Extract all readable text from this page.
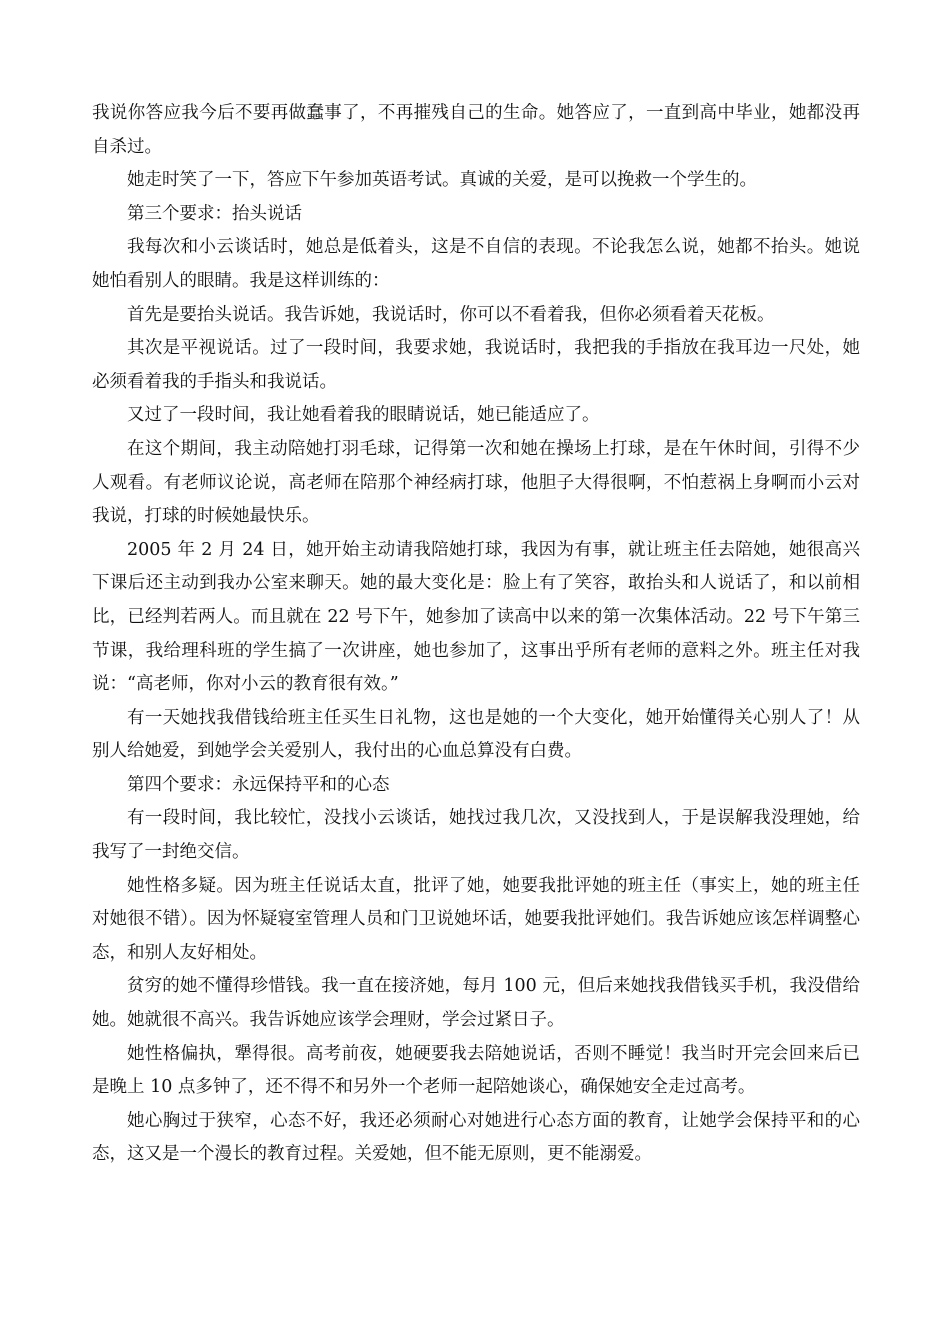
我说你答应我今后不要再做蠢事了，不再摧残自己的生命。她答应了，一直到高中毕业，她都没再自杀过。

她走时笑了一下，答应下午参加英语考试。真诚的关爱，是可以挽救一个学生的。

第三个要求：抬头说话

我每次和小云谈话时，她总是低着头，这是不自信的表现。不论我怎么说，她都不抬头。她说她怕看别人的眼睛。我是这样训练的：

首先是要抬头说话。我告诉她，我说话时，你可以不看着我，但你必须看着天花板。

其次是平视说话。过了一段时间，我要求她，我说话时，我把我的手指放在我耳边一尺处，她必须看着我的手指头和我说话。

又过了一段时间，我让她看着我的眼睛说话，她已能适应了。

在这个期间，我主动陪她打羽毛球，记得第一次和她在操场上打球，是在午休时间，引得不少人观看。有老师议论说，高老师在陪那个神经病打球，他胆子大得很啊，不怕惹祸上身啊而小云对我说，打球的时候她最快乐。

2005 年 2 月 24 日，她开始主动请我陪她打球，我因为有事，就让班主任去陪她，她很高兴下课后还主动到我办公室来聊天。她的最大变化是：脸上有了笑容，敢抬头和人说话了，和以前相比，已经判若两人。而且就在 22 号下午，她参加了读高中以来的第一次集体活动。22 号下午第三节课，我给理科班的学生搞了一次讲座，她也参加了，这事出乎所有老师的意料之外。班主任对我说：“高老师，你对小云的教育很有效。”

有一天她找我借钱给班主任买生日礼物，这也是她的一个大变化，她开始懂得关心别人了！从别人给她爱，到她学会关爱别人，我付出的心血总算没有白费。

第四个要求：永远保持平和的心态

有一段时间，我比较忙，没找小云谈话，她找过我几次，又没找到人，于是误解我没理她，给我写了一封绝交信。

她性格多疑。因为班主任说话太直，批评了她，她要我批评她的班主任（事实上，她的班主任对她很不错）。因为怀疑寝室管理人员和门卫说她坏话，她要我批评她们。我告诉她应该怎样调整心态，和别人友好相处。

贫穷的她不懂得珍惜钱。我一直在接济她，每月 100 元，但后来她找我借钱买手机，我没借给她。她就很不高兴。我告诉她应该学会理财，学会过紧日子。

她性格偏执，犟得很。高考前夜，她硬要我去陪她说话，否则不睡觉！我当时开完会回来后已是晚上 10 点多钟了，还不得不和另外一个老师一起陪她谈心，确保她安全走过高考。

她心胸过于狭窄，心态不好，我还必须耐心对她进行心态方面的教育，让她学会保持平和的心态，这又是一个漫长的教育过程。关爱她，但不能无原则，更不能溺爱。
